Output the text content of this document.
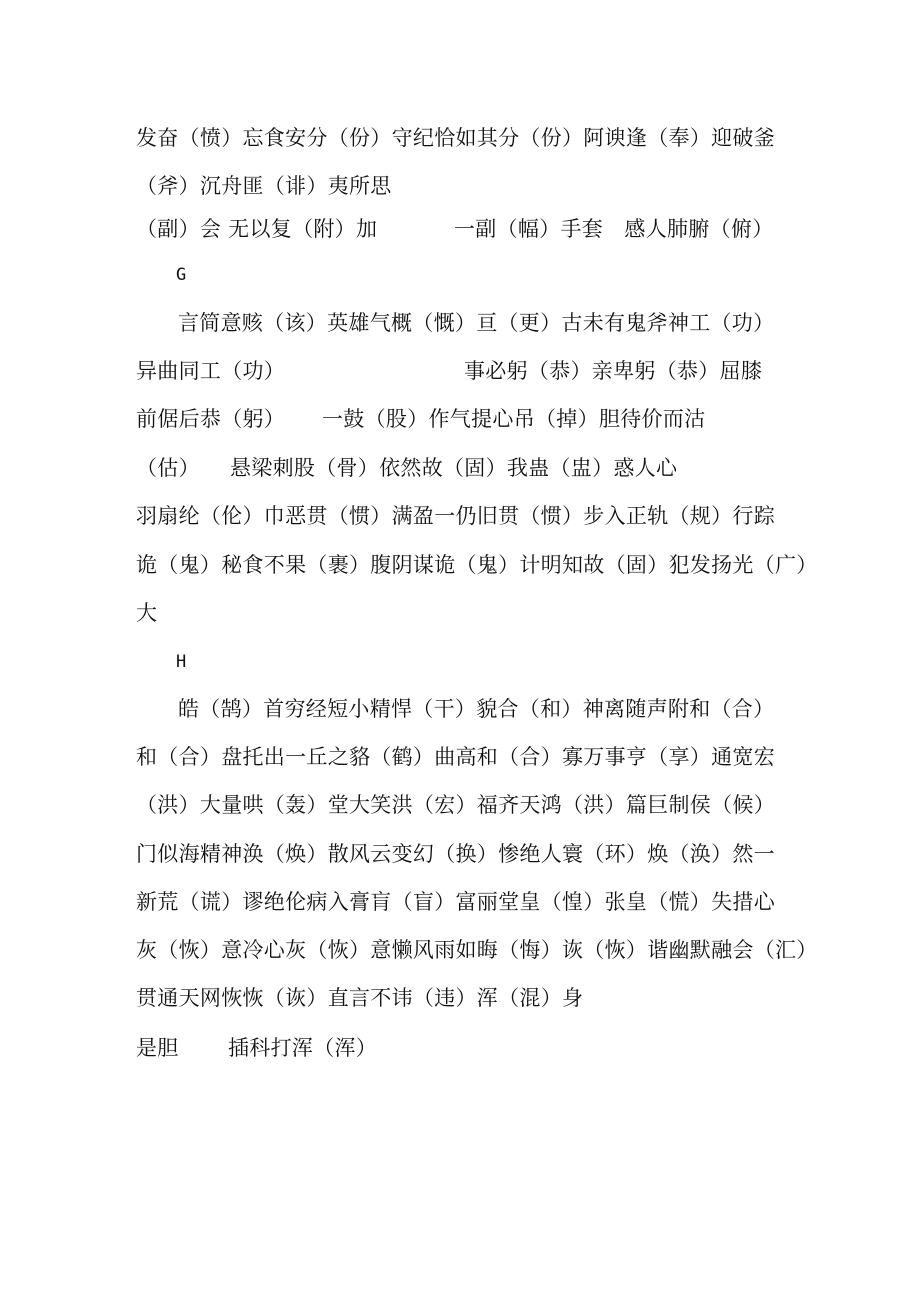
发奋（愤）忘食安分（份）守纪恰如其分（份）阿谀逢（奉）迎破釜
（斧）沉舟匪（诽）夷所思
（副）会 无以复（附）加	一副（幅）手套　感人肺腑（俯）
G
言简意赅（该）英雄气概（慨）亘（更）古未有鬼斧神工（功）
异曲同工（功）	事必躬（恭）亲卑躬（恭）屈膝
前倨后恭（躬） 一鼓（股）作气提心吊（掉）胆待价而沽
（估） 悬梁刺股（骨）依然故（固）我蛊（盅）惑人心
羽扇纶（伦）巾恶贯（惯）满盈一仍旧贯（惯）步入正轨（规）行踪
诡（鬼）秘食不果（裹）腹阴谋诡（鬼）计明知故（固）犯发扬光（广）
大
H
皓（鹄）首穷经短小精悍（干）貌合（和）神离随声附和（合）
和（合）盘托出一丘之貉（鹤）曲高和（合）寡万事亨（享）通宽宏
（洪）大量哄（轰）堂大笑洪（宏）福齐天鸿（洪）篇巨制侯（候）
门似海精神涣（焕）散风云变幻（换）惨绝人寰（环）焕（涣）然一
新荒（谎）谬绝伦病入膏肓（盲）富丽堂皇（惶）张皇（慌）失措心
灰（恢）意冷心灰（恢）意懒风雨如晦（悔）诙（恢）谐幽默融会（汇）
贯通天网恢恢（诙）直言不讳（违）浑（混）身
是胆 插科打浑（浑）
